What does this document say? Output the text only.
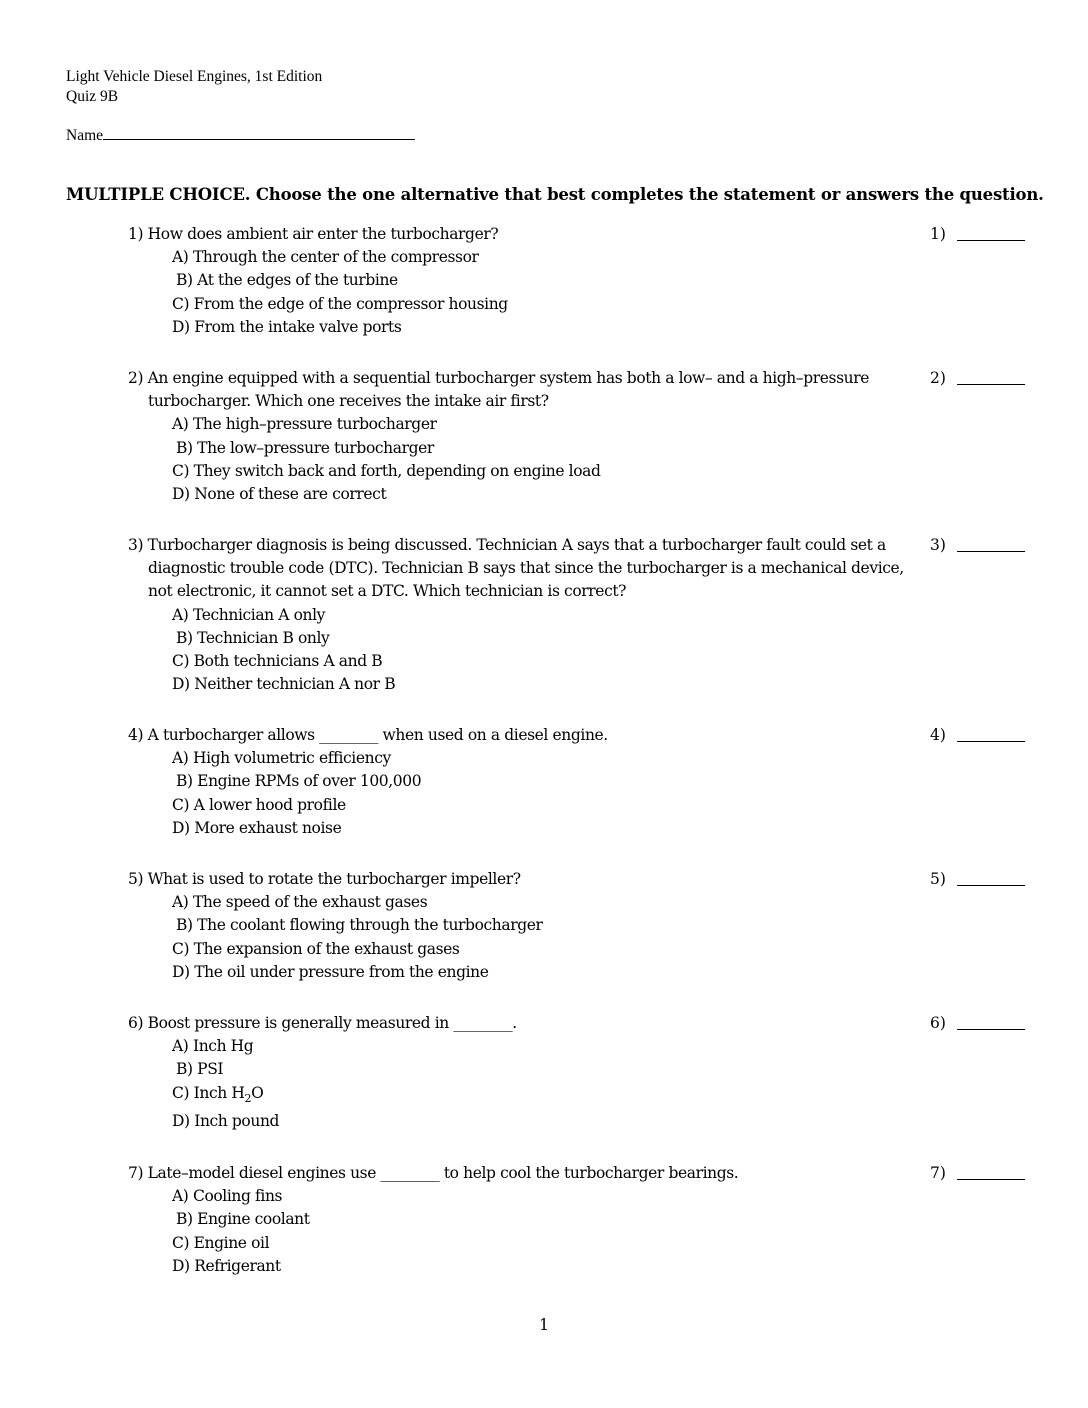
Light Vehicle Diesel Engines, 1st Edition
Quiz 9B
Name
MULTIPLE CHOICE. Choose the one alternative that best completes the statement or answers the question.
1) How does ambient air enter the turbocharger?
A) Through the center of the compressor
B) At the edges of the turbine
C) From the edge of the compressor housing
D) From the intake valve ports
1)
2) An engine equipped with a sequential turbocharger system has both a low– and a high–pressure turbocharger. Which one receives the intake air first?
A) The high–pressure turbocharger
B) The low–pressure turbocharger
C) They switch back and forth, depending on engine load
D) None of these are correct
2)
3) Turbocharger diagnosis is being discussed. Technician A says that a turbocharger fault could set a diagnostic trouble code (DTC). Technician B says that since the turbocharger is a mechanical device, not electronic, it cannot set a DTC. Which technician is correct?
A) Technician A only
B) Technician B only
C) Both technicians A and B
D) Neither technician A nor B
3)
4) A turbocharger allows ________ when used on a diesel engine.
A) High volumetric efficiency
B) Engine RPMs of over 100,000
C) A lower hood profile
D) More exhaust noise
4)
5) What is used to rotate the turbocharger impeller?
A) The speed of the exhaust gases
B) The coolant flowing through the turbocharger
C) The expansion of the exhaust gases
D) The oil under pressure from the engine
5)
6) Boost pressure is generally measured in ________.
A) Inch Hg
B) PSI
C) Inch $H_2O$
D) Inch pound
6)
7) Late–model diesel engines use ________ to help cool the turbocharger bearings.
A) Cooling fins
B) Engine coolant
C) Engine oil
D) Refrigerant
7)
1
